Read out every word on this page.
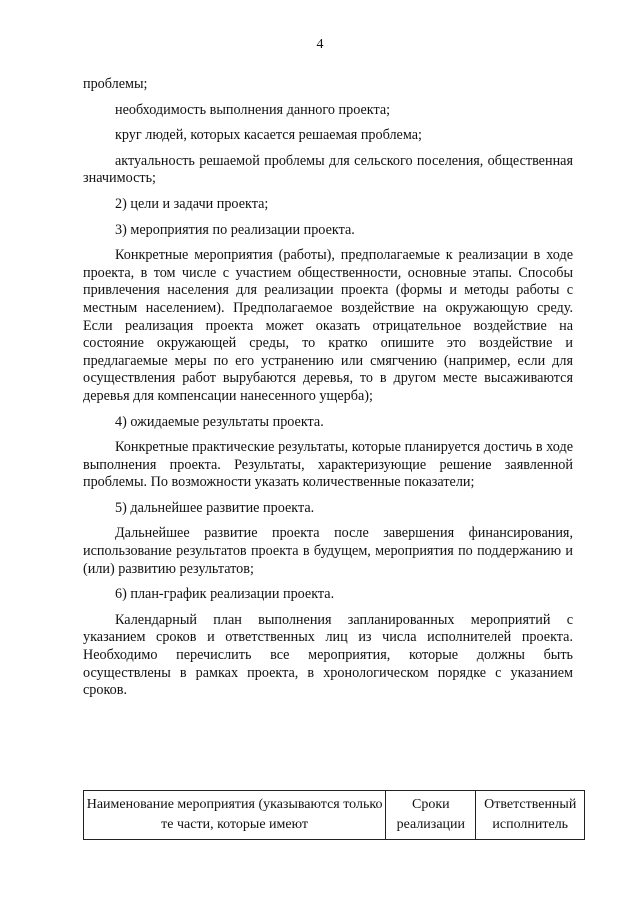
4

проблемы;

необходимость выполнения данного проекта;

круг людей, которых касается решаемая проблема;

актуальность решаемой проблемы для сельского поселения, общественная значимость;

2) цели и задачи проекта;

3) мероприятия по реализации проекта.

Конкретные мероприятия (работы), предполагаемые к реализации в ходе проекта, в том числе с участием общественности, основные этапы. Способы привлечения населения для реализации проекта (формы и методы работы с местным населением). Предполагаемое воздействие на окружающую среду. Если реализация проекта может оказать отрицательное воздействие на состояние окружающей среды, то кратко опишите это воздействие и предлагаемые меры по его устранению или смягчению (например, если для осуществления работ вырубаются деревья, то в другом месте высаживаются деревья для компенсации нанесенного ущерба);

4) ожидаемые результаты проекта.

Конкретные практические результаты, которые планируется достичь в ходе выполнения проекта. Результаты, характеризующие решение заявленной проблемы. По возможности указать количественные показатели;

5) дальнейшее развитие проекта.

Дальнейшее развитие проекта после завершения финансирования, использование результатов проекта в будущем, мероприятия по поддержанию и (или) развитию результатов;

6) план-график реализации проекта.

Календарный план выполнения запланированных мероприятий с указанием сроков и ответственных лиц из числа исполнителей проекта. Необходимо перечислить все мероприятия, которые должны быть осуществлены в рамках проекта, в хронологическом порядке с указанием сроков.

Наименование мероприятия (указываются только те части, которые имеют	Сроки реализации	Ответственный исполнитель
